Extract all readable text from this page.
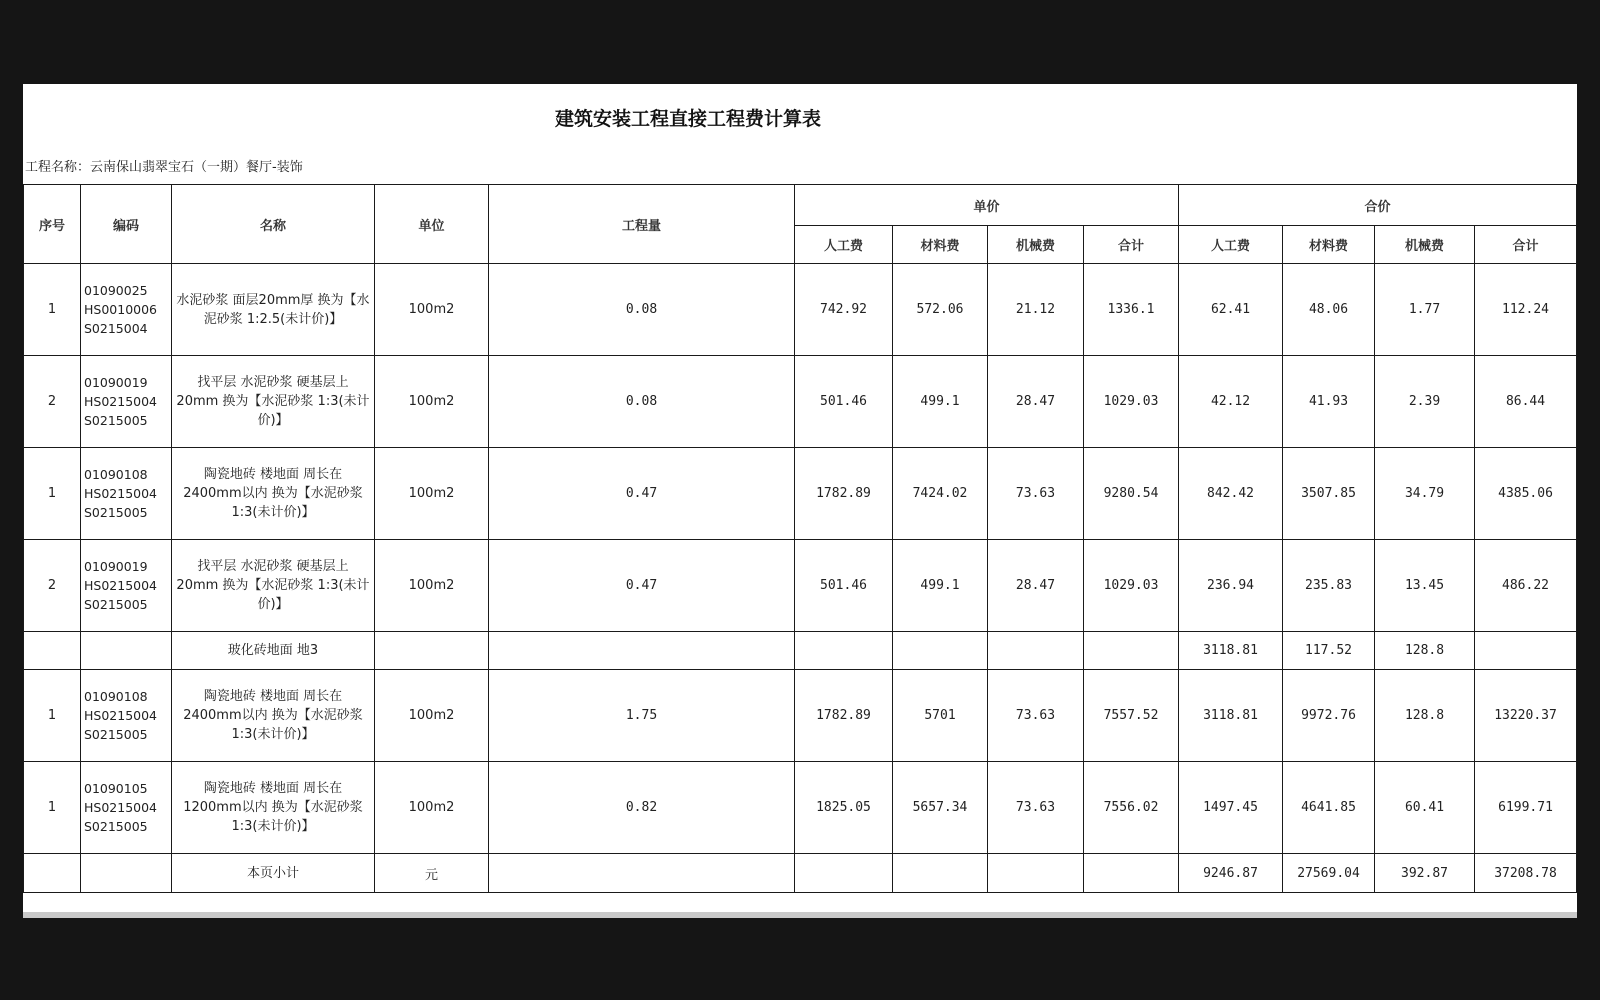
建筑安装工程直接工程费计算表
工程名称：云南保山翡翠宝石（一期）餐厅-装饰
序号	编码	名称	单位	工程量	单价				合价			
					人工费	材料费	机械费	合计	人工费	材料费	机械费	合计
1	01090025
HS0010006
S0215004	水泥砂浆 面层20mm厚 换为【水泥砂浆 1:2.5(未计价)】	100m2	0.08	742.92	572.06	21.12	1336.1	62.41	48.06	1.77	112.24
2	01090019
HS0215004
S0215005	找平层 水泥砂浆 硬基层上 20mm 换为【水泥砂浆 1:3(未计价)】	100m2	0.08	501.46	499.1	28.47	1029.03	42.12	41.93	2.39	86.44
1	01090108
HS0215004
S0215005	陶瓷地砖 楼地面 周长在 2400mm以内 换为【水泥砂浆 1:3(未计价)】	100m2	0.47	1782.89	7424.02	73.63	9280.54	842.42	3507.85	34.79	4385.06
2	01090019
HS0215004
S0215005	找平层 水泥砂浆 硬基层上 20mm 换为【水泥砂浆 1:3(未计价)】	100m2	0.47	501.46	499.1	28.47	1029.03	236.94	235.83	13.45	486.22
		玻化砖地面 地3							3118.81	117.52	128.8	
1	01090108
HS0215004
S0215005	陶瓷地砖 楼地面 周长在 2400mm以内 换为【水泥砂浆 1:3(未计价)】	100m2	1.75	1782.89	5701	73.63	7557.52	3118.81	9972.76	128.8	13220.37
1	01090105
HS0215004
S0215005	陶瓷地砖 楼地面 周长在 1200mm以内 换为【水泥砂浆 1:3(未计价)】	100m2	0.82	1825.05	5657.34	73.63	7556.02	1497.45	4641.85	60.41	6199.71
		本页小计	元						9246.87	27569.04	392.87	37208.78
